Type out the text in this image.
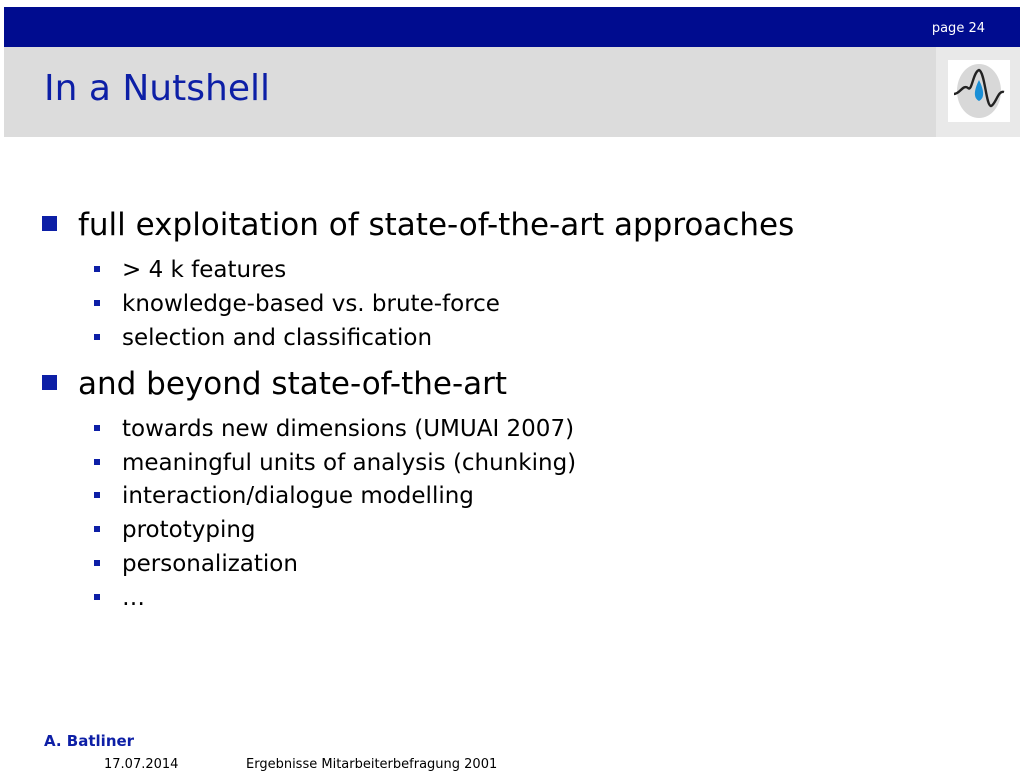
page 24
In a Nutshell
full exploitation of state-of-the-art approaches
> 4 k features
knowledge-based vs. brute-force
selection and classification
and beyond state-of-the-art
towards new dimensions (UMUAI 2007)
meaningful units of analysis (chunking)
interaction/dialogue modelling
prototyping
personalization
…
A. Batliner
17.07.2014	Ergebnisse Mitarbeiterbefragung 2001
